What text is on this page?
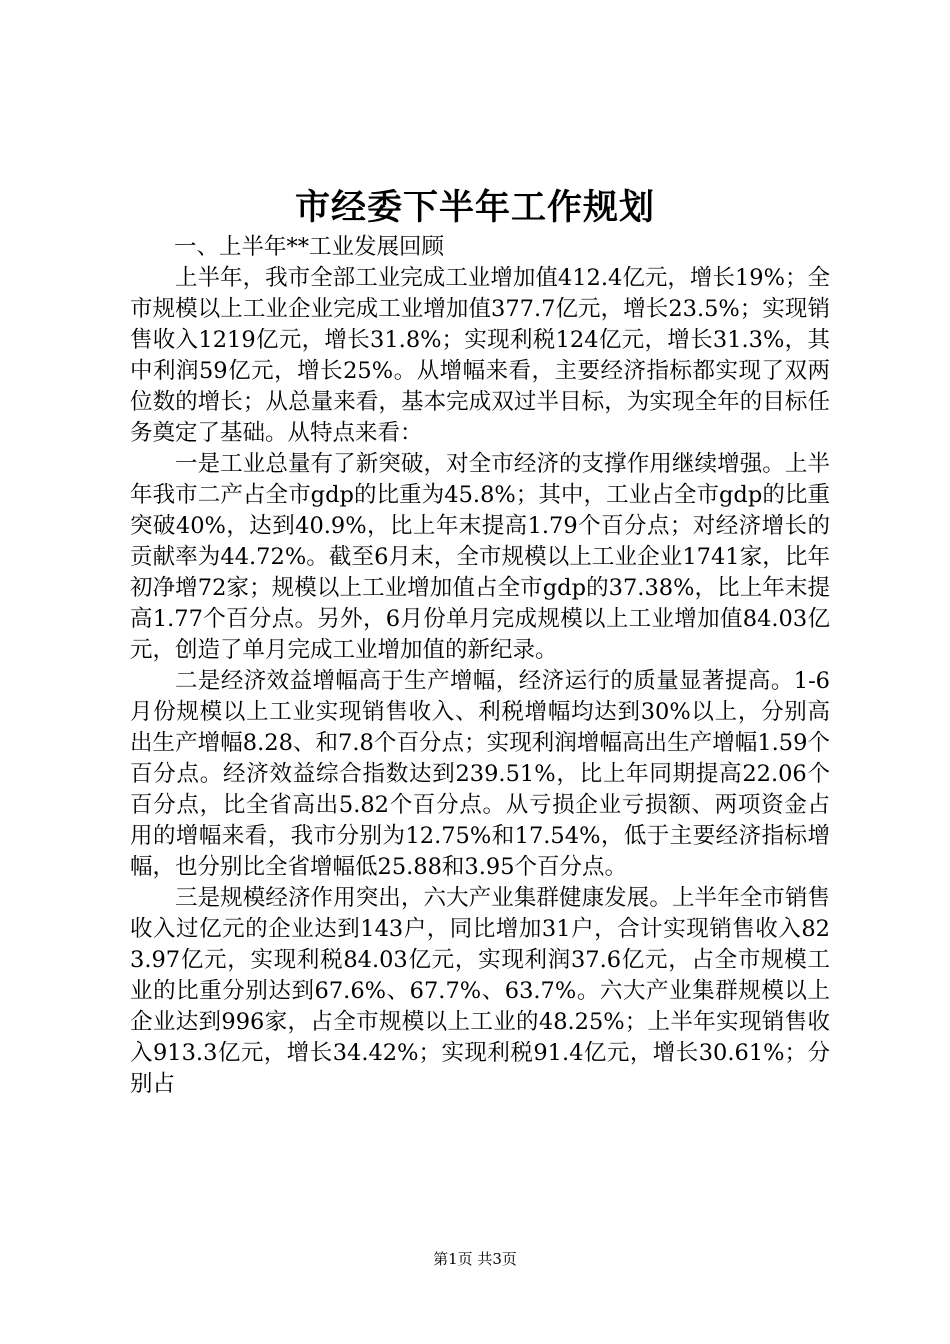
市经委下半年工作规划
一、上半年**工业发展回顾

上半年，我市全部工业完成工业增加值412.4亿元，增长19%；全市规模以上工业企业完成工业增加值377.7亿元，增长23.5%；实现销售收入1219亿元，增长31.8%；实现利税124亿元，增长31.3%，其中利润59亿元，增长25%。从增幅来看，主要经济指标都实现了双两位数的增长；从总量来看，基本完成双过半目标，为实现全年的目标任务奠定了基础。从特点来看：

一是工业总量有了新突破，对全市经济的支撑作用继续增强。上半年我市二产占全市gdp的比重为45.8%；其中，工业占全市gdp的比重突破40%，达到40.9%，比上年末提高1.79个百分点；对经济增长的贡献率为44.72%。截至6月末，全市规模以上工业企业1741家，比年初净增72家；规模以上工业增加值占全市gdp的37.38%，比上年末提高1.77个百分点。另外，6月份单月完成规模以上工业增加值84.03亿元，创造了单月完成工业增加值的新纪录。

二是经济效益增幅高于生产增幅，经济运行的质量显著提高。1-6月份规模以上工业实现销售收入、利税增幅均达到30%以上，分别高出生产增幅8.28、和7.8个百分点；实现利润增幅高出生产增幅1.59个百分点。经济效益综合指数达到239.51%，比上年同期提高22.06个百分点，比全省高出5.82个百分点。从亏损企业亏损额、两项资金占用的增幅来看，我市分别为12.75%和17.54%，低于主要经济指标增幅，也分别比全省增幅低25.88和3.95个百分点。

三是规模经济作用突出，六大产业集群健康发展。上半年全市销售收入过亿元的企业达到143户，同比增加31户，合计实现销售收入823.97亿元，实现利税84.03亿元，实现利润37.6亿元，占全市规模工业的比重分别达到67.6%、67.7%、63.7%。六大产业集群规模以上企业达到996家，占全市规模以上工业的48.25%；上半年实现销售收入913.3亿元，增长34.42%；实现利税91.4亿元，增长30.61%；分别占

第1页 共3页
